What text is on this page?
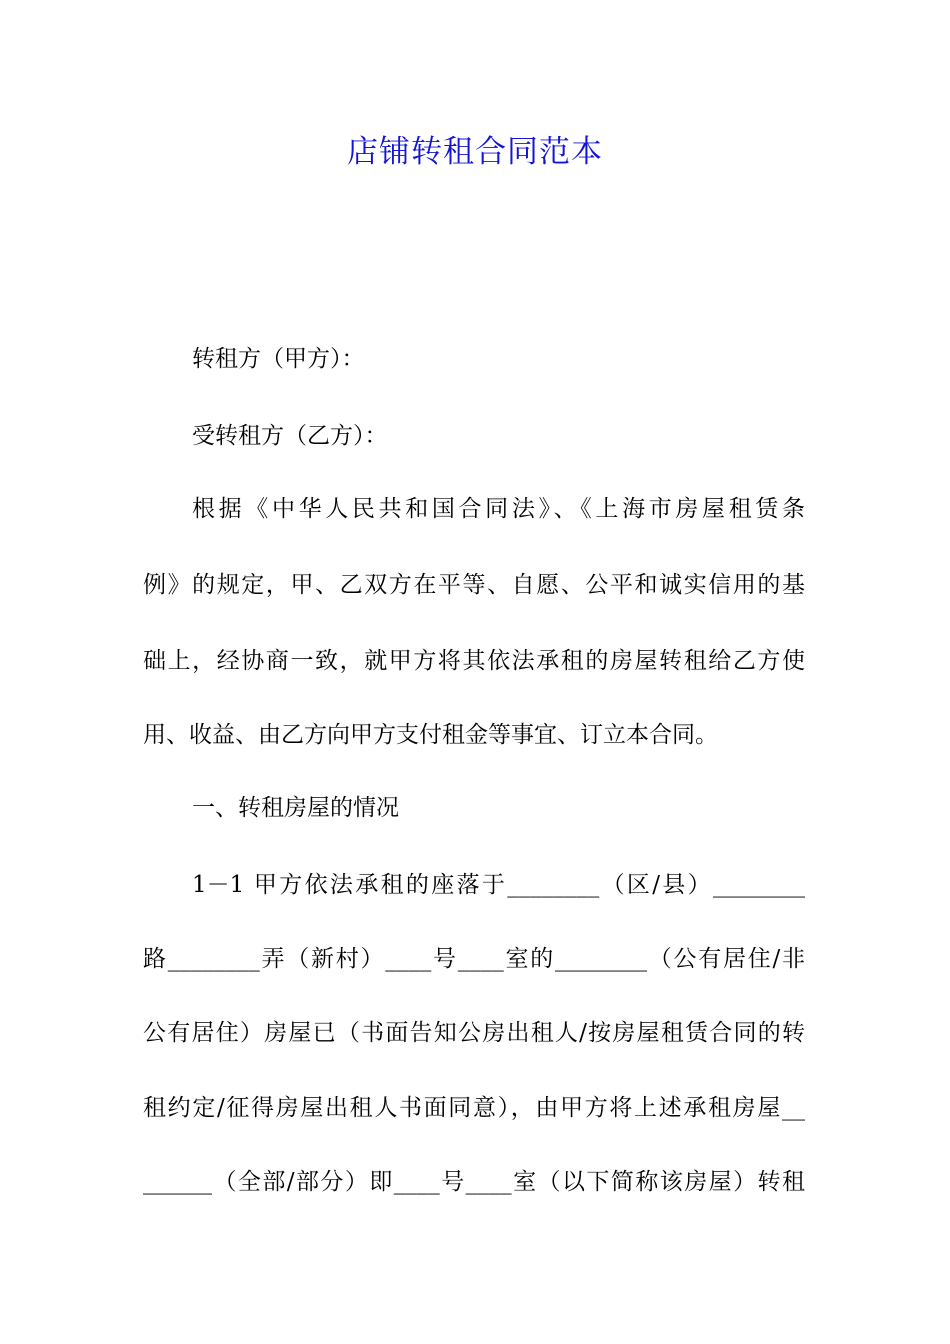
店铺转租合同范本
转租方（甲方）：
受转租方（乙方）：
根据《中华人民共和国合同法》、《上海市房屋租赁条
例》的规定，甲、乙双方在平等、自愿、公平和诚实信用的基
础上，经协商一致，就甲方将其依法承租的房屋转租给乙方使
用、收益、由乙方向甲方支付租金等事宜、订立本合同。
一、转租房屋的情况
1－1 甲方依法承租的座落于________（区/县）________
路________弄（新村）____号____室的________（公有居住/非
公有居住）房屋已（书面告知公房出租人/按房屋租赁合同的转
租约定/征得房屋出租人书面同意），由甲方将上述承租房屋__
______（全部/部分）即____号____室（以下简称该房屋）转租
